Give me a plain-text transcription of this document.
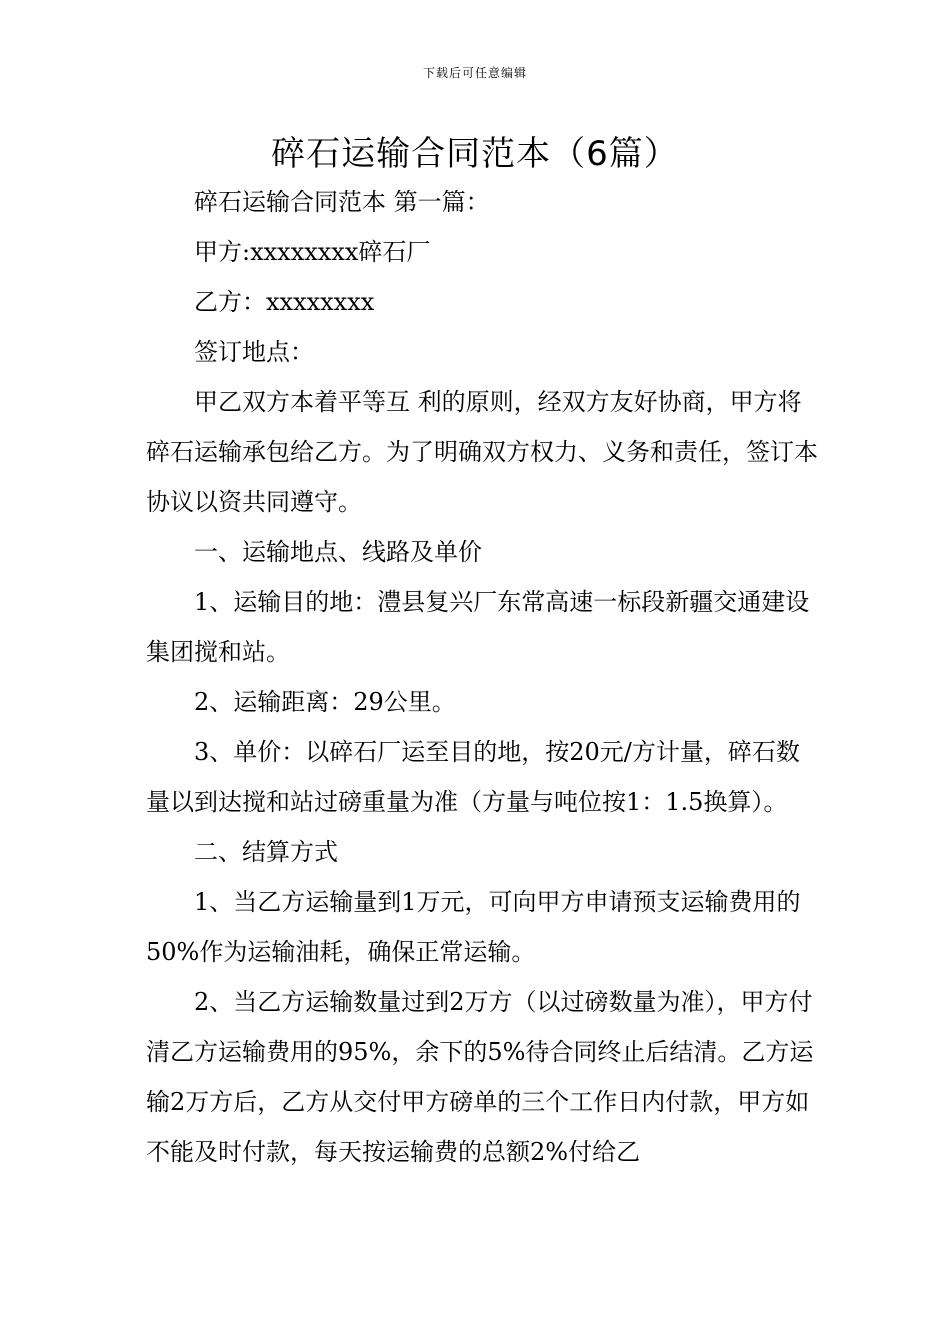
下载后可任意编辑
碎石运输合同范本（6篇）

碎石运输合同范本 第一篇：

甲方:xxxxxxxx碎石厂

乙方：xxxxxxxx

签订地点：

甲乙双方本着平等互 利的原则，经双方友好协商，甲方将碎石运输承包给乙方。为了明确双方权力、义务和责任，签订本协议以资共同遵守。

一、运输地点、线路及单价

1、运输目的地：澧县复兴厂东常高速一标段新疆交通建设集团搅和站。

2、运输距离：29公里。

3、单价：以碎石厂运至目的地，按20元/方计量，碎石数量以到达搅和站过磅重量为准（方量与吨位按1：1.5换算）。

二、结算方式

1、当乙方运输量到1万元，可向甲方申请预支运输费用的50%作为运输油耗，确保正常运输。

2、当乙方运输数量过到2万方（以过磅数量为准），甲方付清乙方运输费用的95%，余下的5%待合同终止后结清。乙方运输2万方后，乙方从交付甲方磅单的三个工作日内付款，甲方如不能及时付款，每天按运输费的总额2%付给乙
